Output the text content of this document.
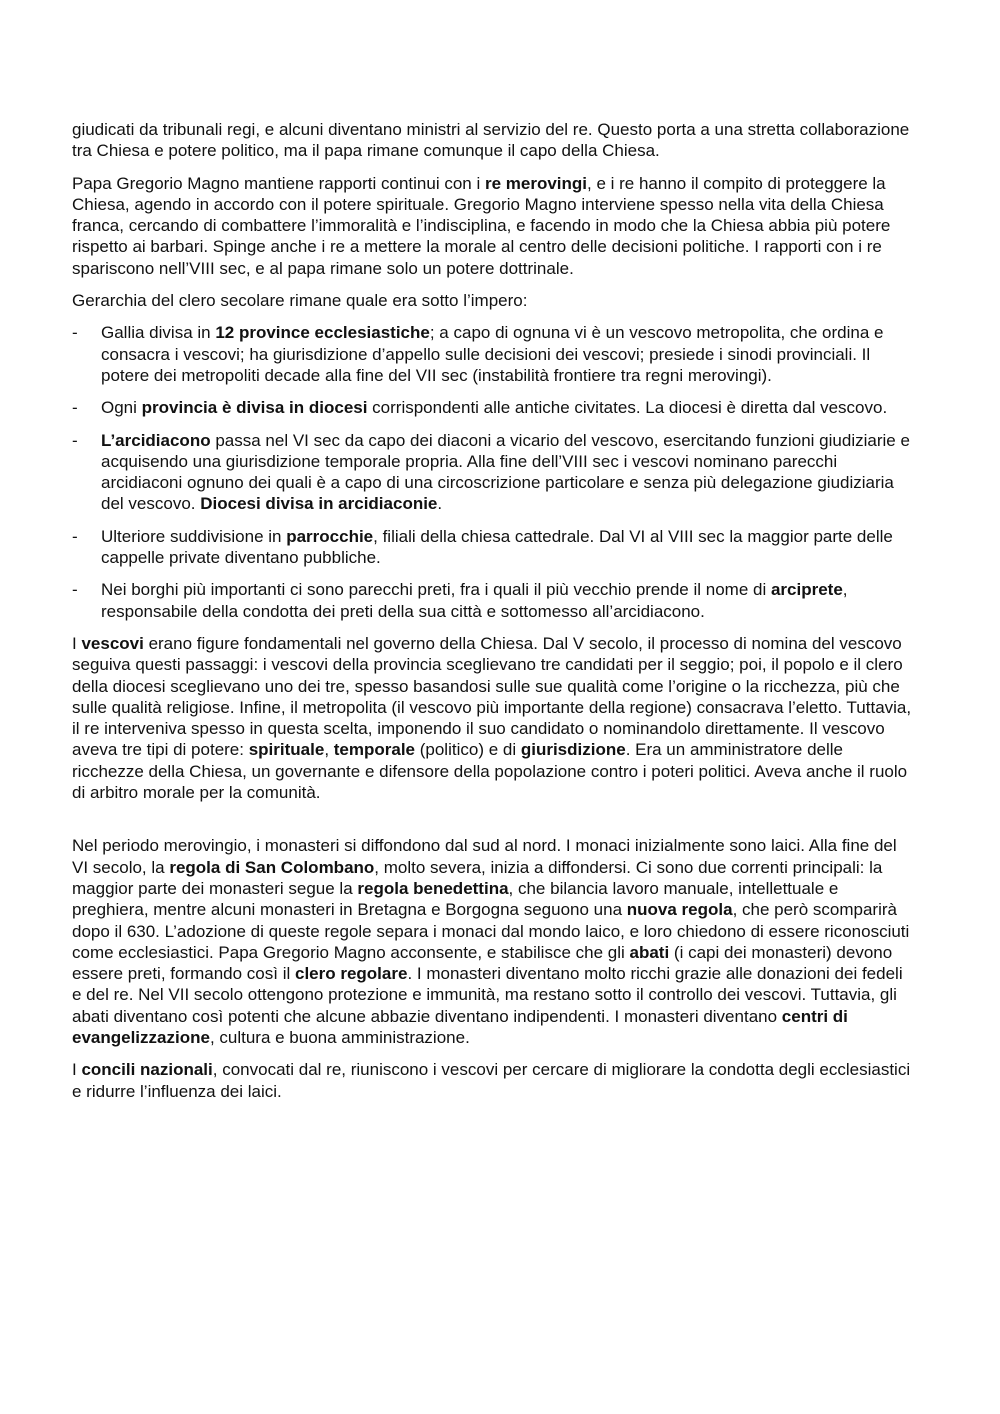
giudicati da tribunali regi, e alcuni diventano ministri al servizio del re. Questo porta a una stretta collaborazione tra Chiesa e potere politico, ma il papa rimane comunque il capo della Chiesa.

Papa Gregorio Magno mantiene rapporti continui con i re merovingi, e i re hanno il compito di proteggere la Chiesa, agendo in accordo con il potere spirituale. Gregorio Magno interviene spesso nella vita della Chiesa franca, cercando di combattere l’immoralità e l’indisciplina, e facendo in modo che la Chiesa abbia più potere rispetto ai barbari. Spinge anche i re a mettere la morale al centro delle decisioni politiche. I rapporti con i re spariscono nell’VIII sec, e al papa rimane solo un potere dottrinale.

Gerarchia del clero secolare rimane quale era sotto l’impero:

- Gallia divisa in 12 province ecclesiastiche; a capo di ognuna vi è un vescovo metropolita, che ordina e consacra i vescovi; ha giurisdizione d’appello sulle decisioni dei vescovi; presiede i sinodi provinciali. Il potere dei metropoliti decade alla fine del VII sec (instabilità frontiere tra regni merovingi).
- Ogni provincia è divisa in diocesi corrispondenti alle antiche civitates. La diocesi è diretta dal vescovo.
- L’arcidiacono passa nel VI sec da capo dei diaconi a vicario del vescovo, esercitando funzioni giudiziarie e acquisendo una giurisdizione temporale propria. Alla fine dell’VIII sec i vescovi nominano parecchi arcidiaconi ognuno dei quali è a capo di una circoscrizione particolare e senza più delegazione giudiziaria del vescovo. Diocesi divisa in arcidiaconie.
- Ulteriore suddivisione in parrocchie, filiali della chiesa cattedrale. Dal VI al VIII sec la maggior parte delle cappelle private diventano pubbliche.
- Nei borghi più importanti ci sono parecchi preti, fra i quali il più vecchio prende il nome di arciprete, responsabile della condotta dei preti della sua città e sottomesso all’arcidiacono.

I vescovi erano figure fondamentali nel governo della Chiesa. Dal V secolo, il processo di nomina del vescovo seguiva questi passaggi: i vescovi della provincia sceglievano tre candidati per il seggio; poi, il popolo e il clero della diocesi sceglievano uno dei tre, spesso basandosi sulle sue qualità come l’origine o la ricchezza, più che sulle qualità religiose. Infine, il metropolita (il vescovo più importante della regione) consacrava l’eletto. Tuttavia, il re interveniva spesso in questa scelta, imponendo il suo candidato o nominandolo direttamente. Il vescovo aveva tre tipi di potere: spirituale, temporale (politico) e di giurisdizione. Era un amministratore delle ricchezze della Chiesa, un governante e difensore della popolazione contro i poteri politici. Aveva anche il ruolo di arbitro morale per la comunità.

Nel periodo merovingio, i monasteri si diffondono dal sud al nord. I monaci inizialmente sono laici. Alla fine del VI secolo, la regola di San Colombano, molto severa, inizia a diffondersi. Ci sono due correnti principali: la maggior parte dei monasteri segue la regola benedettina, che bilancia lavoro manuale, intellettuale e preghiera, mentre alcuni monasteri in Bretagna e Borgogna seguono una nuova regola, che però scomparirà dopo il 630. L’adozione di queste regole separa i monaci dal mondo laico, e loro chiedono di essere riconosciuti come ecclesiastici. Papa Gregorio Magno acconsente, e stabilisce che gli abati (i capi dei monasteri) devono essere preti, formando così il clero regolare. I monasteri diventano molto ricchi grazie alle donazioni dei fedeli e del re. Nel VII secolo ottengono protezione e immunità, ma restano sotto il controllo dei vescovi. Tuttavia, gli abati diventano così potenti che alcune abbazie diventano indipendenti. I monasteri diventano centri di evangelizzazione, cultura e buona amministrazione.

I concili nazionali, convocati dal re, riuniscono i vescovi per cercare di migliorare la condotta degli ecclesiastici e ridurre l’influenza dei laici.
